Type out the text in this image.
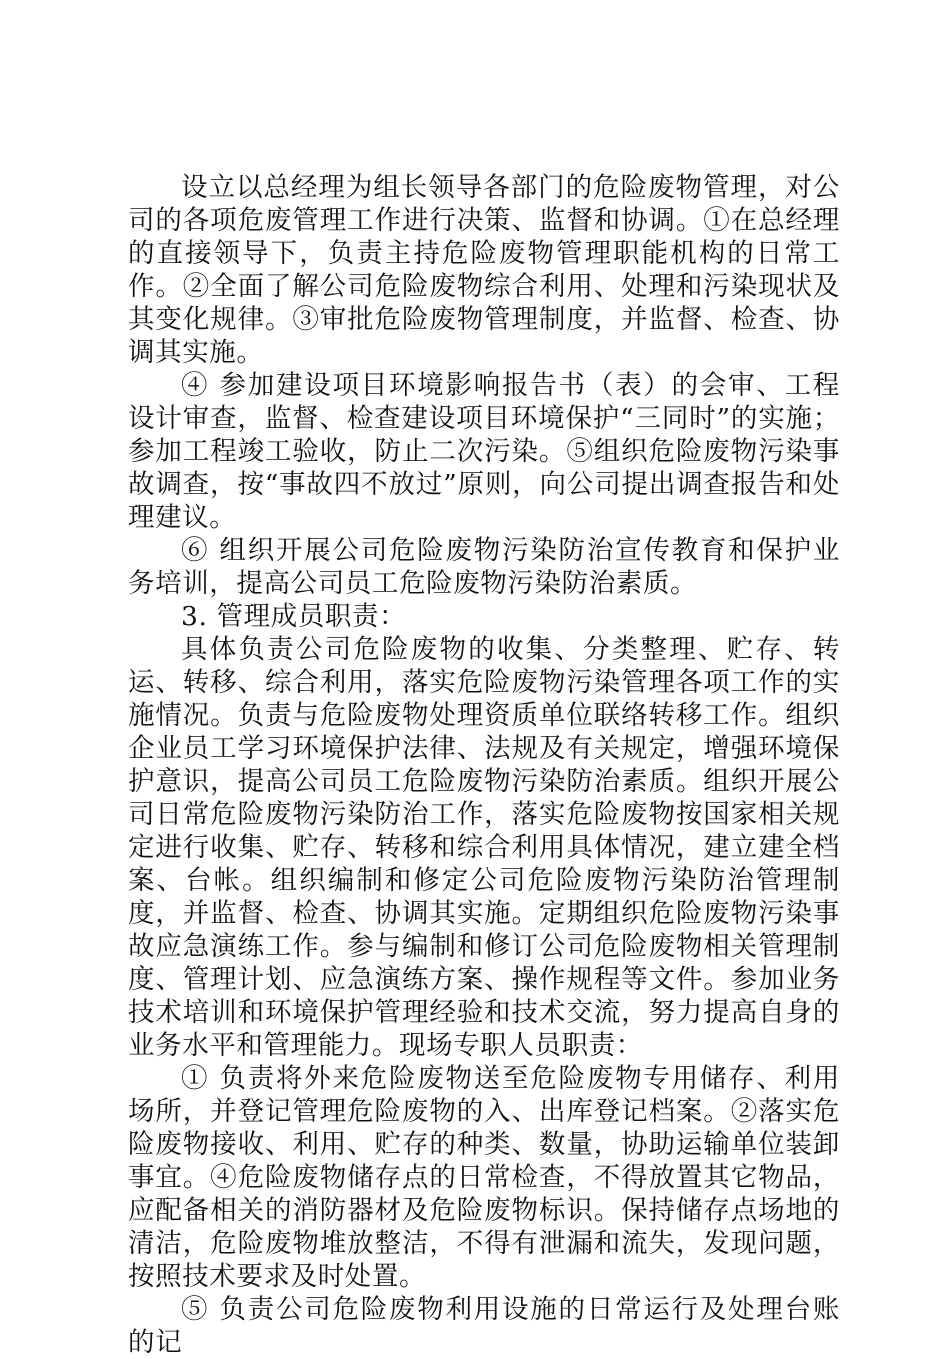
设立以总经理为组长领导各部门的危险废物管理，对公司的各项危废管理工作进行决策、监督和协调。①在总经理的直接领导下，负责主持危险废物管理职能机构的日常工作。②全面了解公司危险废物综合利用、处理和污染现状及其变化规律。③审批危险废物管理制度，并监督、检查、协调其实施。

④ 参加建设项目环境影响报告书（表）的会审、工程设计审查，监督、检查建设项目环境保护“三同时”的实施；参加工程竣工验收，防止二次污染。⑤组织危险废物污染事故调查，按“事故四不放过”原则，向公司提出调查报告和处理建议。

⑥ 组织开展公司危险废物污染防治宣传教育和保护业务培训，提高公司员工危险废物污染防治素质。

3. 管理成员职责：

具体负责公司危险废物的收集、分类整理、贮存、转运、转移、综合利用，落实危险废物污染管理各项工作的实施情况。负责与危险废物处理资质单位联络转移工作。组织企业员工学习环境保护法律、法规及有关规定，增强环境保护意识，提高公司员工危险废物污染防治素质。组织开展公司日常危险废物污染防治工作，落实危险废物按国家相关规定进行收集、贮存、转移和综合利用具体情况，建立建全档案、台帐。组织编制和修定公司危险废物污染防治管理制度，并监督、检查、协调其实施。定期组织危险废物污染事故应急演练工作。参与编制和修订公司危险废物相关管理制度、管理计划、应急演练方案、操作规程等文件。参加业务技术培训和环境保护管理经验和技术交流，努力提高自身的业务水平和管理能力。现场专职人员职责：

① 负责将外来危险废物送至危险废物专用储存、利用场所，并登记管理危险废物的入、出库登记档案。②落实危险废物接收、利用、贮存的种类、数量，协助运输单位装卸事宜。④危险废物储存点的日常检查，不得放置其它物品，应配备相关的消防器材及危险废物标识。保持储存点场地的清洁，危险废物堆放整洁，不得有泄漏和流失，发现问题，按照技术要求及时处置。

⑤ 负责公司危险废物利用设施的日常运行及处理台账的记
